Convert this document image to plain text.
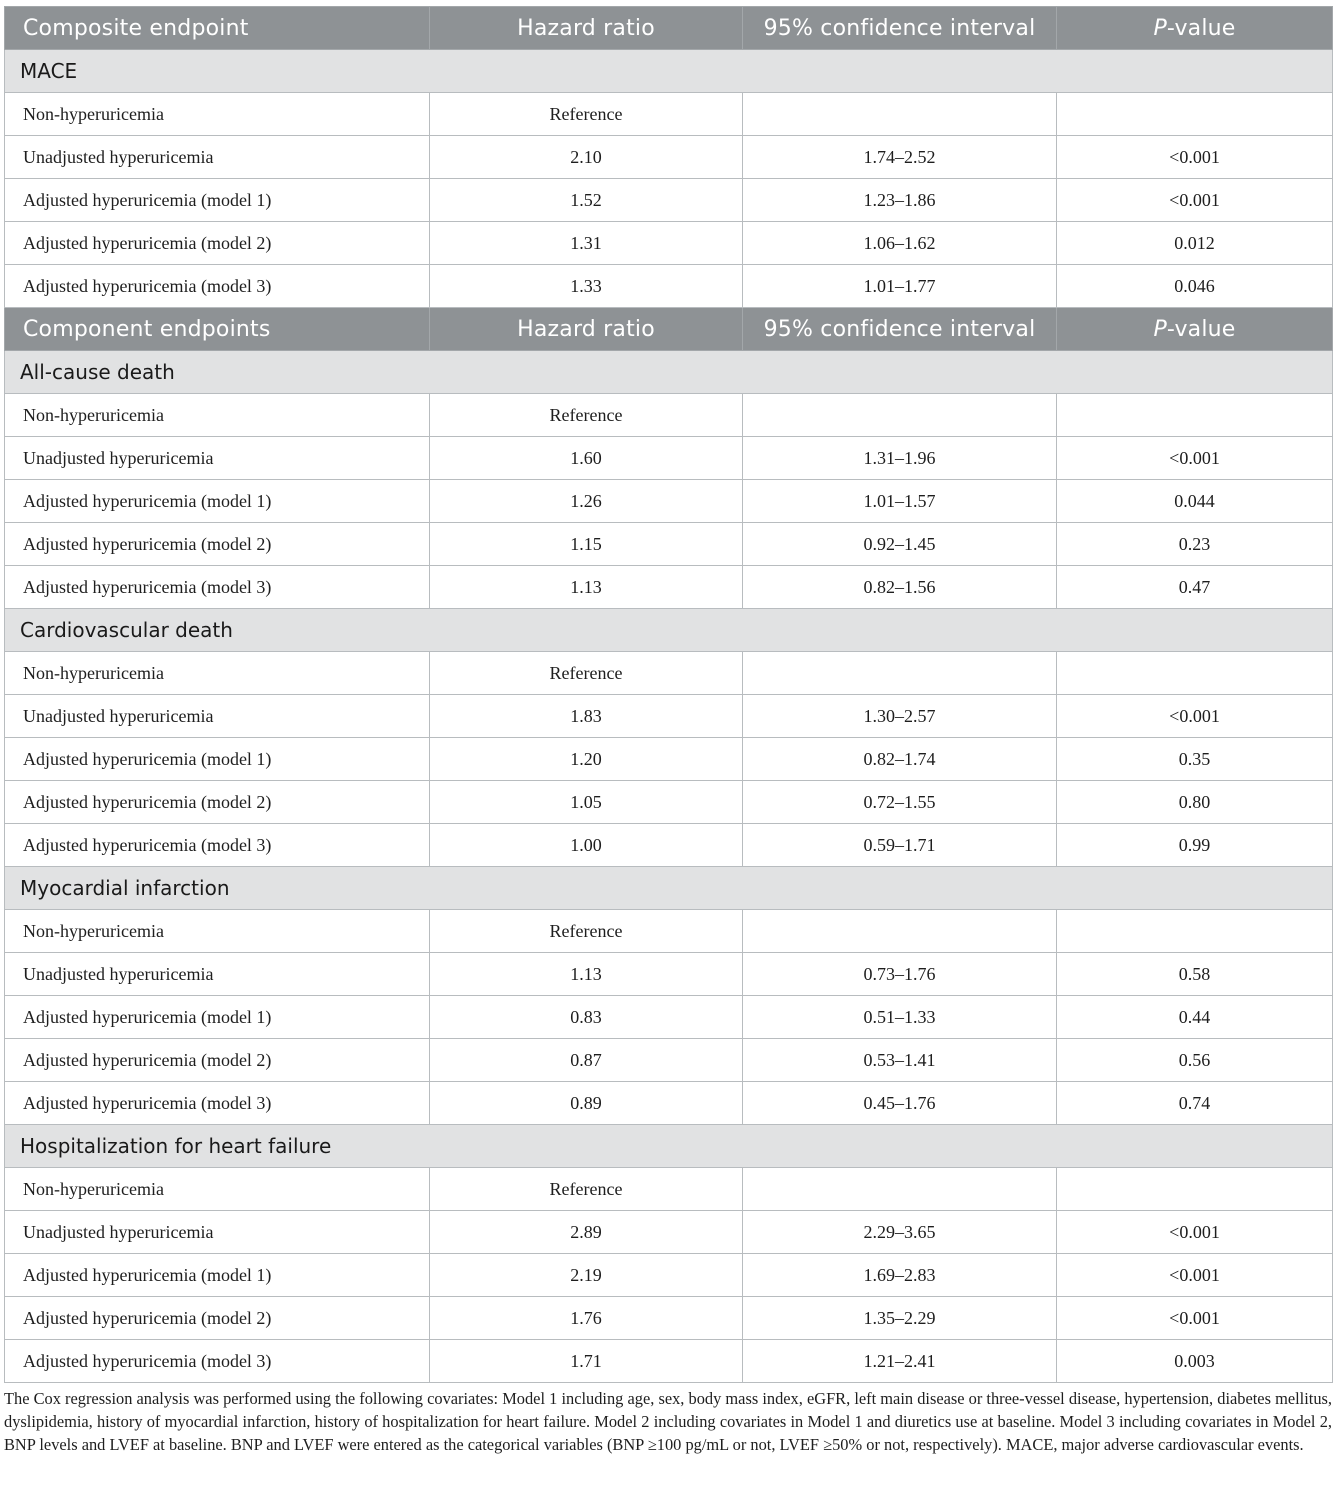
Composite endpoint	Hazard ratio	95% confidence interval	P-value
MACE			
Non-hyperuricemia	Reference		
Unadjusted hyperuricemia	2.10	1.74–2.52	<0.001
Adjusted hyperuricemia (model 1)	1.52	1.23–1.86	<0.001
Adjusted hyperuricemia (model 2)	1.31	1.06–1.62	0.012
Adjusted hyperuricemia (model 3)	1.33	1.01–1.77	0.046
Component endpoints	Hazard ratio	95% confidence interval	P-value
All-cause death			
Non-hyperuricemia	Reference		
Unadjusted hyperuricemia	1.60	1.31–1.96	<0.001
Adjusted hyperuricemia (model 1)	1.26	1.01–1.57	0.044
Adjusted hyperuricemia (model 2)	1.15	0.92–1.45	0.23
Adjusted hyperuricemia (model 3)	1.13	0.82–1.56	0.47
Cardiovascular death			
Non-hyperuricemia	Reference		
Unadjusted hyperuricemia	1.83	1.30–2.57	<0.001
Adjusted hyperuricemia (model 1)	1.20	0.82–1.74	0.35
Adjusted hyperuricemia (model 2)	1.05	0.72–1.55	0.80
Adjusted hyperuricemia (model 3)	1.00	0.59–1.71	0.99
Myocardial infarction			
Non-hyperuricemia	Reference		
Unadjusted hyperuricemia	1.13	0.73–1.76	0.58
Adjusted hyperuricemia (model 1)	0.83	0.51–1.33	0.44
Adjusted hyperuricemia (model 2)	0.87	0.53–1.41	0.56
Adjusted hyperuricemia (model 3)	0.89	0.45–1.76	0.74
Hospitalization for heart failure			
Non-hyperuricemia	Reference		
Unadjusted hyperuricemia	2.89	2.29–3.65	<0.001
Adjusted hyperuricemia (model 1)	2.19	1.69–2.83	<0.001
Adjusted hyperuricemia (model 2)	1.76	1.35–2.29	<0.001
Adjusted hyperuricemia (model 3)	1.71	1.21–2.41	0.003
The Cox regression analysis was performed using the following covariates: Model 1 including age, sex, body mass index, eGFR, left main disease or three-vessel disease, hypertension, diabetes mellitus, dyslipidemia, history of myocardial infarction, history of hospitalization for heart failure. Model 2 including covariates in Model 1 and diuretics use at baseline. Model 3 including covariates in Model 2, BNP levels and LVEF at baseline. BNP and LVEF were entered as the categorical variables (BNP ≥100 pg/mL or not, LVEF ≥50% or not, respectively). MACE, major adverse cardiovascular events.
